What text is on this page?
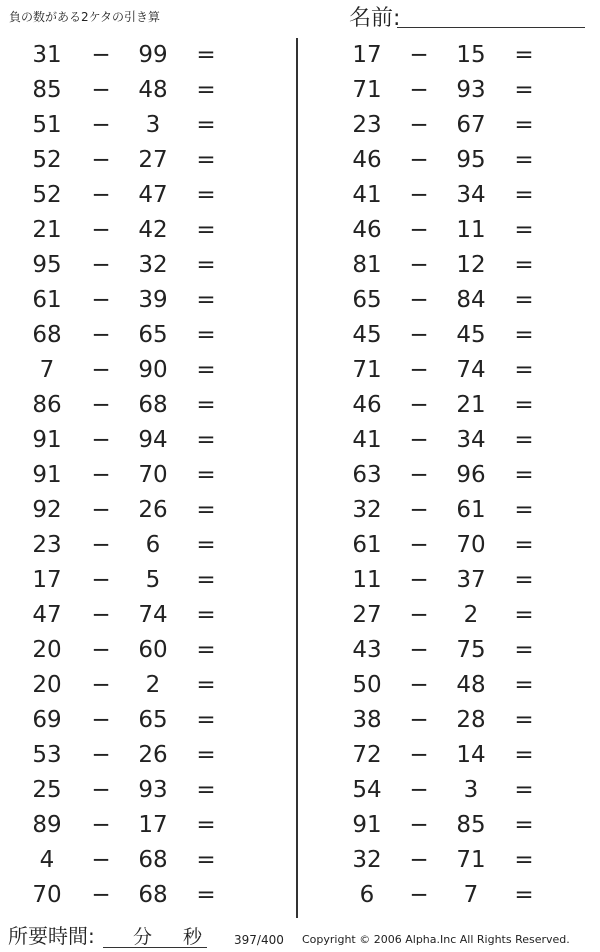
負の数がある2ケタの引き算	名前:
31 − 99 =
85 − 48 =
51 −	3	=
52 − 27 =
52 − 47 =
21 − 42 =
95 − 32 =
61 − 39 =
68 − 65 =
7	− 90 =
86 − 68 =
91 − 94 =
91 − 70 =
92 − 26 =
23 −	6	=
17 −	5	=
47 − 74 =
20 − 60 =
20 −	2	=
69 − 65 =
53 − 26 =
25 − 93 =
89 − 17 =
4	− 68 =
70 − 68 =
17 − 15 =
71 − 93 =
23 − 67 =
46 − 95 =
41 − 34 =
46 − 11 =
81 − 12 =
65 − 84 =
45 − 45 =
71 − 74 =
46 − 21 =
41 − 34 =
63 − 96 =
32 − 61 =
61 − 70 =
11 − 37 =
27 −	2	=
43 − 75 =
50 − 48 =
38 − 28 =
72 − 14 =
54 −	3	=
91 − 85 =
32 − 71 =
6	−	7	=
所要時間: 分 秒	397/400 Copyright © 2006 Alpha.Inc All Rights Reserved.
